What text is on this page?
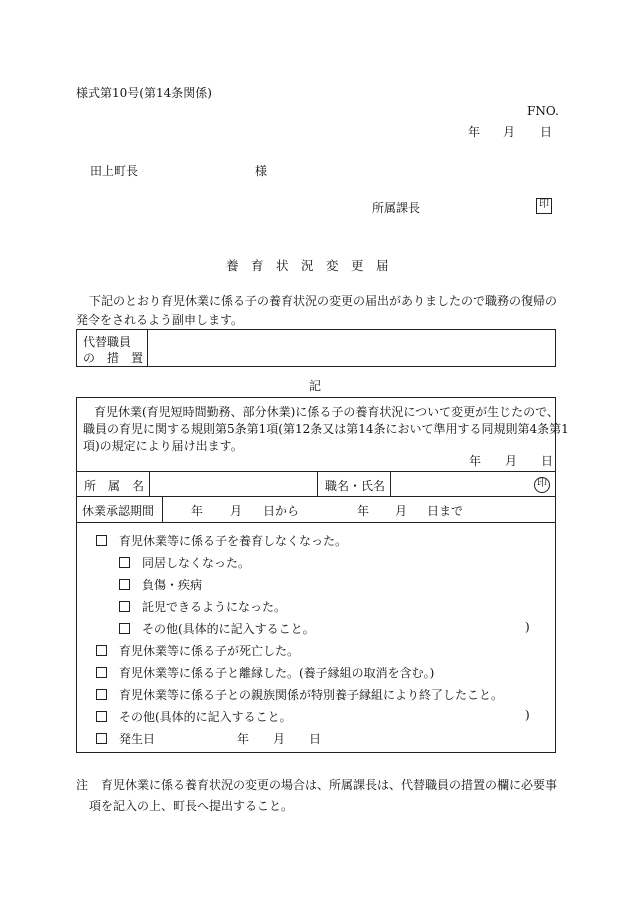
様式第10号(第14条関係)
FNO.
年 月 日
田上町長	様
所属課長	印
養　育　状　況　変　更　届
下記のとおり育児休業に係る子の養育状況の変更の届出がありましたので職務の復帰の
発令をされるよう副申します。
代替職員
の　措　置
記
育児休業(育児短時間勤務、部分休業)に係る子の養育状況について変更が生じたので、
職員の育児に関する規則第5条第1項(第12条又は第14条において準用する同規則第4条第1
項)の規定により届け出ます。
年 月 日
所　属　名	職名・氏名	印
休業承認期間	年 月 日から	年 月 日まで
育児休業等に係る子を養育しなくなった。
同居しなくなった。
負傷・疾病
託児できるようになった。
その他(具体的に記入すること。	)
育児休業等に係る子が死亡した。
育児休業等に係る子と離縁した。(養子縁組の取消を含む。)
育児休業等に係る子との親族関係が特別養子縁組により終了したこと。
その他(具体的に記入すること。	)
発生日	年 月 日
注 育児休業に係る養育状況の変更の場合は、所属課長は、代替職員の措置の欄に必要事
項を記入の上、町長へ提出すること。
